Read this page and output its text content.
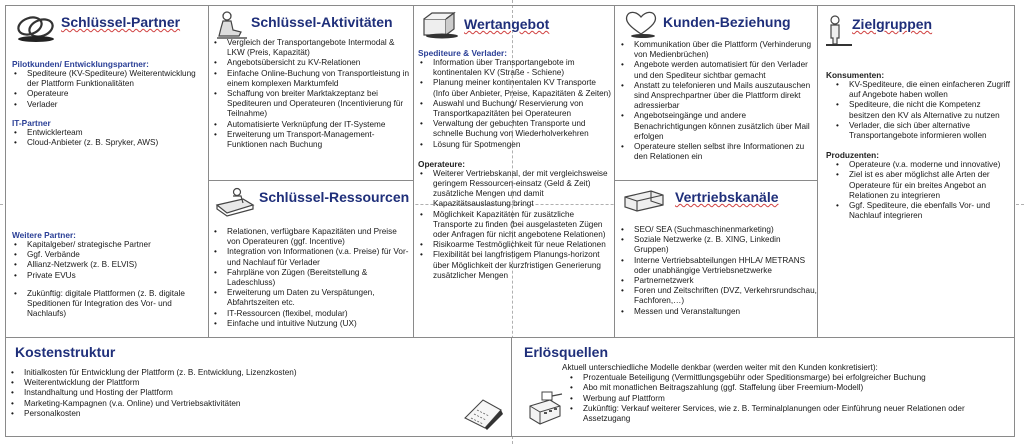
Schlüssel-Partner
Pilotkunden/ Entwicklungspartner:
• Spediteure (KV-Spediteure) Weiterentwicklung der Plattform Funktionalitäten
• Operateure
• Verlader
IT-Partner
• Entwicklerteam
• Cloud-Anbieter (z. B. Spryker, AWS)
Weitere Partner:
• Kapitalgeber/ strategische Partner
• Ggf. Verbände
• Allianz-Netzwerk (z. B. ELVIS)
• Private EVUs
• Zukünftig: digitale Plattformen (z. B. digitale Speditionen für Integration des Vor- und Nachlaufs)
Schlüssel-Aktivitäten
• Vergleich der Transportangebote Intermodal & LKW (Preis, Kapazität)
• Angebotsübersicht zu KV-Relationen
• Einfache Online-Buchung von Transportleistung in einem komplexen Marktumfeld
• Schaffung von breiter Marktakzeptanz bei Spediteuren und Operateuren (Incentivierung für Teilnahme)
• Automatisierte Verknüpfung der IT-Systeme
• Erweiterung um Transport-Management-Funktionen nach Buchung
Schlüssel-Ressourcen
• Relationen, verfügbare Kapazitäten und Preise von Operateuren (ggf. Incentive)
• Integration von Informationen (v.a. Preise) für Vor- und Nachlauf für Verlader
• Fahrpläne von Zügen (Bereitstellung & Ladeschluss)
• Erweiterung um Daten zu Verspätungen, Abfahrtszeiten etc.
• IT-Ressourcen (flexibel, modular)
• Einfache und intuitive Nutzung (UX)
Wertangebot
Spediteure & Verlader:
• Information über Transportangebote im kontinentalen KV (Straße - Schiene)
• Planung meiner kontinentalen KV Transporte (Info über Anbieter, Preise, Kapazitäten & Zeiten)
• Auswahl und Buchung/ Reservierung von Transportkapazitäten bei Operateuren
• Verwaltung der gebuchten Transporte und schnelle Buchung von Wiederholverkehren
• Lösung für Spotmengen
Operateure:
• Weiterer Vertriebskanal, der mit vergleichsweise geringem Ressourcen-einsatz (Geld & Zeit) zusätzliche Mengen und damit Kapazitätsauslastung bringt
• Möglichkeit Kapazitäten für zusätzliche Transporte zu finden (bei ausgelasteten Zügen oder Anfragen für nicht angebotene Relationen)
• Risikoarme Testmöglichkeit für neue Relationen
• Flexibilität bei langfristigem Planungs-horizont über Möglichkeit der kurzfristigen Generierung zusätzlicher Mengen
Kunden-Beziehung
• Kommunikation über die Plattform (Verhinderung von Medienbrüchen)
• Angebote werden automatisiert für den Verlader und den Spediteur sichtbar gemacht
• Anstatt zu telefonieren und Mails auszutauschen sind Ansprechpartner über die Plattform direkt adressierbar
• Angebotseingänge und andere Benachrichtigungen können zusätzlich über Mail erfolgen
• Operateure stellen selbst ihre Informationen zu den Relationen ein
Vertriebskanäle
• SEO/ SEA (Suchmaschinenmarketing)
• Soziale Netzwerke (z. B. XING, Linkedin Gruppen)
• Interne Vertriebsabteilungen HHLA/ METRANS oder unabhängige Vertriebsnetzwerke
• Partnernetzwerk
• Foren und Zeitschriften (DVZ, Verkehrsrundschau, Fachforen,…)
• Messen und Veranstaltungen
Zielgruppen
Konsumenten:
• KV-Spediteure, die einen einfacheren Zugriff auf Angebote haben wollen
• Spediteure, die nicht die Kompetenz besitzen den KV als Alternative zu nutzen
• Verlader, die sich über alternative Transportangebote informieren wollen
Produzenten:
• Operateure (v.a. moderne und innovative)
• Ziel ist es aber möglichst alle Arten der Operateure für ein breites Angebot an Relationen zu integrieren
• Ggf. Spediteure, die ebenfalls Vor- und Nachlauf integrieren
Kostenstruktur
• Initialkosten für Entwicklung der Plattform (z. B. Entwicklung, Lizenzkosten)
• Weiterentwicklung der Plattform
• Instandhaltung und Hosting der Plattform
• Marketing-Kampagnen (v.a. Online) und Vertriebsaktivitäten
• Personalkosten
Erlösquellen
Aktuell unterschiedliche Modelle denkbar (werden weiter mit den Kunden konkretisiert):
• Prozentuale Beteiligung (Vermittlungsgebühr oder Speditionsmarge) bei erfolgreicher Buchung
• Abo mit monatlichen Beitragszahlung (ggf. Staffelung über Freemium-Modell)
• Werbung auf Plattform
• Zukünftig: Verkauf weiterer Services, wie z. B. Terminalplanungen oder Einführung neuer Relationen oder Assetzugang
